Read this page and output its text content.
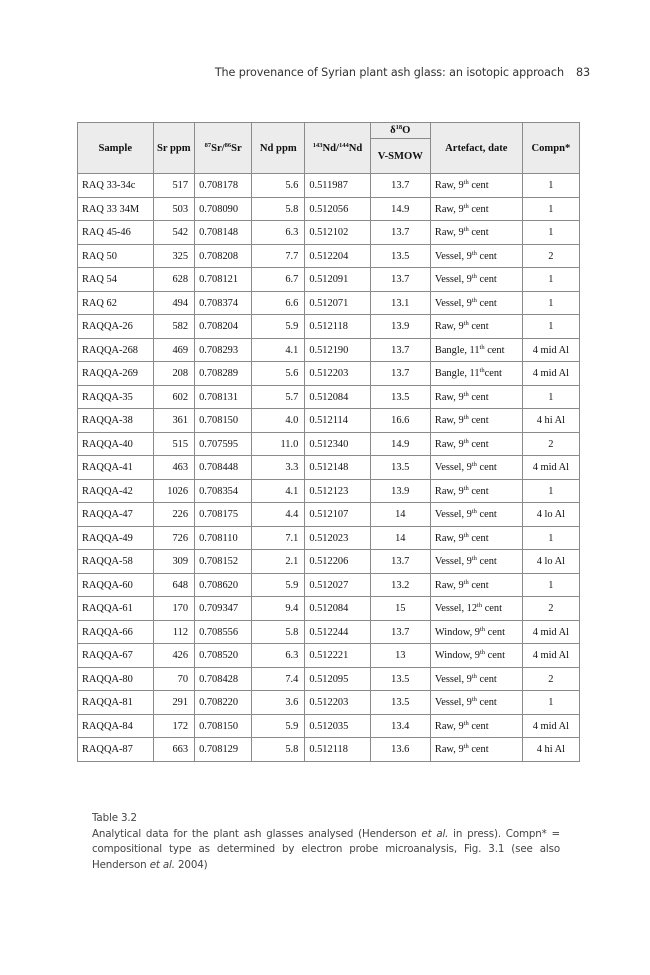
The provenance of Syrian plant ash glass: an isotopic approach 83
Sample	Sr ppm	$^{87}$Sr/$^{86}$Sr	Nd ppm	$^{143}$Nd/$^{144}$Nd	$\delta^{18}O$	Artefact, date	Compn*
					V-SMOW		
RAQ 33-34c	517	0.708178	5.6	0.511987	13.7	Raw, 9th cent	1
RAQ 33 34M	503	0.708090	5.8	0.512056	14.9	Raw, 9th cent	1
RAQ 45-46	542	0.708148	6.3	0.512102	13.7	Raw, 9th cent	1
RAQ 50	325	0.708208	7.7	0.512204	13.5	Vessel, 9th cent	2
RAQ 54	628	0.708121	6.7	0.512091	13.7	Vessel, 9th cent	1
RAQ 62	494	0.708374	6.6	0.512071	13.1	Vessel, 9th cent	1
RAQQA-26	582	0.708204	5.9	0.512118	13.9	Raw, 9th cent	1
RAQQA-268	469	0.708293	4.1	0.512190	13.7	Bangle, 11th cent	4 mid Al
RAQQA-269	208	0.708289	5.6	0.512203	13.7	Bangle, 11thcent	4 mid Al
RAQQA-35	602	0.708131	5.7	0.512084	13.5	Raw, 9th cent	1
RAQQA-38	361	0.708150	4.0	0.512114	16.6	Raw, 9th cent	4 hi Al
RAQQA-40	515	0.707595	11.0	0.512340	14.9	Raw, 9th cent	2
RAQQA-41	463	0.708448	3.3	0.512148	13.5	Vessel, 9th cent	4 mid Al
RAQQA-42	1026	0.708354	4.1	0.512123	13.9	Raw, 9th cent	1
RAQQA-47	226	0.708175	4.4	0.512107	14	Vessel, 9th cent	4 lo Al
RAQQA-49	726	0.708110	7.1	0.512023	14	Raw, 9th cent	1
RAQQA-58	309	0.708152	2.1	0.512206	13.7	Vessel, 9th cent	4 lo Al
RAQQA-60	648	0.708620	5.9	0.512027	13.2	Raw, 9th cent	1
RAQQA-61	170	0.709347	9.4	0.512084	15	Vessel, 12th cent	2
RAQQA-66	112	0.708556	5.8	0.512244	13.7	Window, 9th cent	4 mid Al
RAQQA-67	426	0.708520	6.3	0.512221	13	Window, 9th cent	4 mid Al
RAQQA-80	70	0.708428	7.4	0.512095	13.5	Vessel, 9th cent	2
RAQQA-81	291	0.708220	3.6	0.512203	13.5	Vessel, 9th cent	1
RAQQA-84	172	0.708150	5.9	0.512035	13.4	Raw, 9th cent	4 mid Al
RAQQA-87	663	0.708129	5.8	0.512118	13.6	Raw, 9th cent	4 hi Al
Table 3.2
Analytical data for the plant ash glasses analysed (Henderson et al. in press). Compn* = compositional type as determined by electron probe microanalysis, Fig. 3.1 (see also Henderson et al. 2004)
